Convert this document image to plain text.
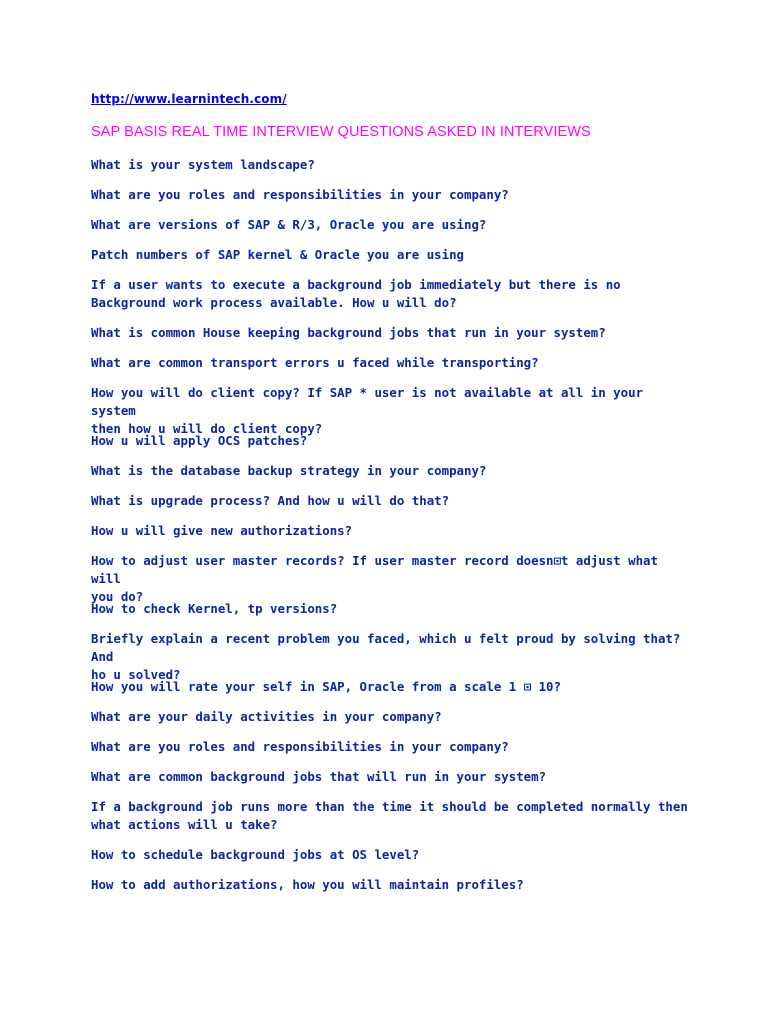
http://www.learnintech.com/
SAP BASIS REAL TIME INTERVIEW QUESTIONS ASKED IN INTERVIEWS
What is your system landscape?
What are you roles and responsibilities in your company?
What are versions of SAP & R/3, Oracle you are using?
Patch numbers of SAP kernel & Oracle you are using
If a user wants to execute a background job immediately but there is no
Background work process available. How u will do?
What is common House keeping background jobs that run in your system?
What are common transport errors u faced while transporting?
How you will do client copy? If SAP * user is not available at all in your system
then how u will do client copy?
How u will apply OCS patches?
What is the database backup strategy in your company?
What is upgrade process? And how u will do that?
How u will give new authorizations?
How to adjust user master records? If user master record doesn⊡t adjust what will
you do?
How to check Kernel, tp versions?
Briefly explain a recent problem you faced, which u felt proud by solving that? And
ho u solved?
How you will rate your self in SAP, Oracle from a scale 1 ⊡ 10?
What are your daily activities in your company?
What are you roles and responsibilities in your company?
What are common background jobs that will run in your system?
If a background job runs more than the time it should be completed normally then
what actions will u take?
How to schedule background jobs at OS level?
How to add authorizations, how you will maintain profiles?
